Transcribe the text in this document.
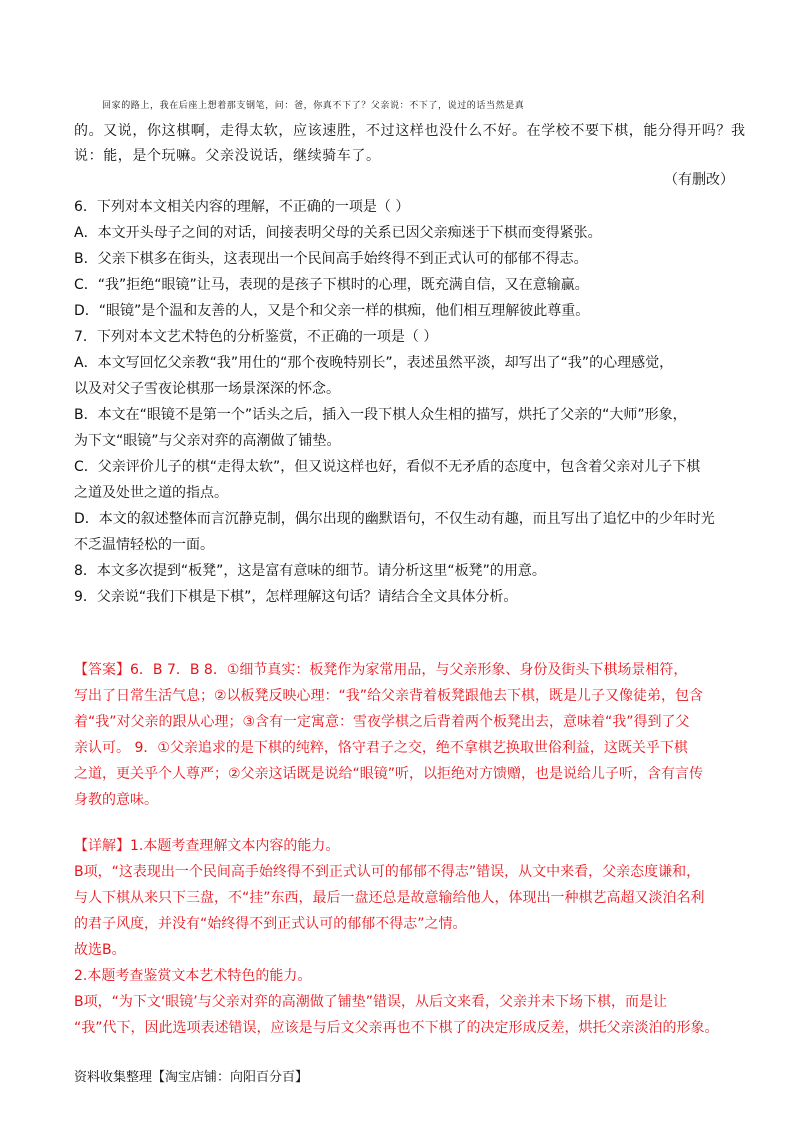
回家的路上，我在后座上想着那支钢笔，问：爸，你真不下了？父亲说：不下了，说过的话当然是真
的。又说，你这棋啊，走得太软，应该速胜，不过这样也没什么不好。在学校不要下棋，能分得开吗？我
说：能，是个玩嘛。父亲没说话，继续骑车了。
（有删改）
6．下列对本文相关内容的理解，不正确的一项是（ ）
A．本文开头母子之间的对话，间接表明父母的关系已因父亲痴迷于下棋而变得紧张。
B．父亲下棋多在街头，这表现出一个民间高手始终得不到正式认可的郁郁不得志。
C．“我”拒绝“眼镜”让马，表现的是孩子下棋时的心理，既充满自信，又在意输赢。
D．“眼镜”是个温和友善的人，又是个和父亲一样的棋痴，他们相互理解彼此尊重。
7．下列对本文艺术特色的分析鉴赏，不正确的一项是（ ）
A．本文写回忆父亲教“我”用仕的“那个夜晚特别长”，表述虽然平淡，却写出了“我”的心理感觉，
以及对父子雪夜论棋那一场景深深的怀念。
B．本文在“眼镜不是第一个”话头之后，插入一段下棋人众生相的描写，烘托了父亲的“大师”形象，
为下文“眼镜”与父亲对弈的高潮做了铺垫。
C．父亲评价儿子的棋“走得太软”，但又说这样也好，看似不无矛盾的态度中，包含着父亲对儿子下棋
之道及处世之道的指点。
D．本文的叙述整体而言沉静克制，偶尔出现的幽默语句，不仅生动有趣，而且写出了追忆中的少年时光
不乏温情轻松的一面。
8．本文多次提到“板凳”，这是富有意味的细节。请分析这里“板凳”的用意。
9．父亲说“我们下棋是下棋”，怎样理解这句话？请结合全文具体分析。
【答案】6．B 7．B 8．①细节真实：板凳作为家常用品，与父亲形象、身份及街头下棋场景相符，
写出了日常生活气息；②以板凳反映心理：“我”给父亲背着板凳跟他去下棋，既是儿子又像徒弟，包含
着“我”对父亲的跟从心理；③含有一定寓意：雪夜学棋之后背着两个板凳出去，意味着“我”得到了父
亲认可。 9．①父亲追求的是下棋的纯粹，恪守君子之交，绝不拿棋艺换取世俗利益，这既关乎下棋
之道，更关乎个人尊严；②父亲这话既是说给“眼镜”听，以拒绝对方馈赠，也是说给儿子听，含有言传
身教的意味。
【详解】1.本题考查理解文本内容的能力。
B项，“这表现出一个民间高手始终得不到正式认可的郁郁不得志”错误，从文中来看，父亲态度谦和，
与人下棋从来只下三盘，不“挂”东西，最后一盘还总是故意输给他人，体现出一种棋艺高超又淡泊名利
的君子风度，并没有“始终得不到正式认可的郁郁不得志”之情。
故选B。
2.本题考查鉴赏文本艺术特色的能力。
B项，“为下文‘眼镜’与父亲对弈的高潮做了铺垫”错误，从后文来看，父亲并未下场下棋，而是让
“我”代下，因此选项表述错误，应该是与后文父亲再也不下棋了的决定形成反差，烘托父亲淡泊的形象。
资料收集整理【淘宝店铺：向阳百分百】
